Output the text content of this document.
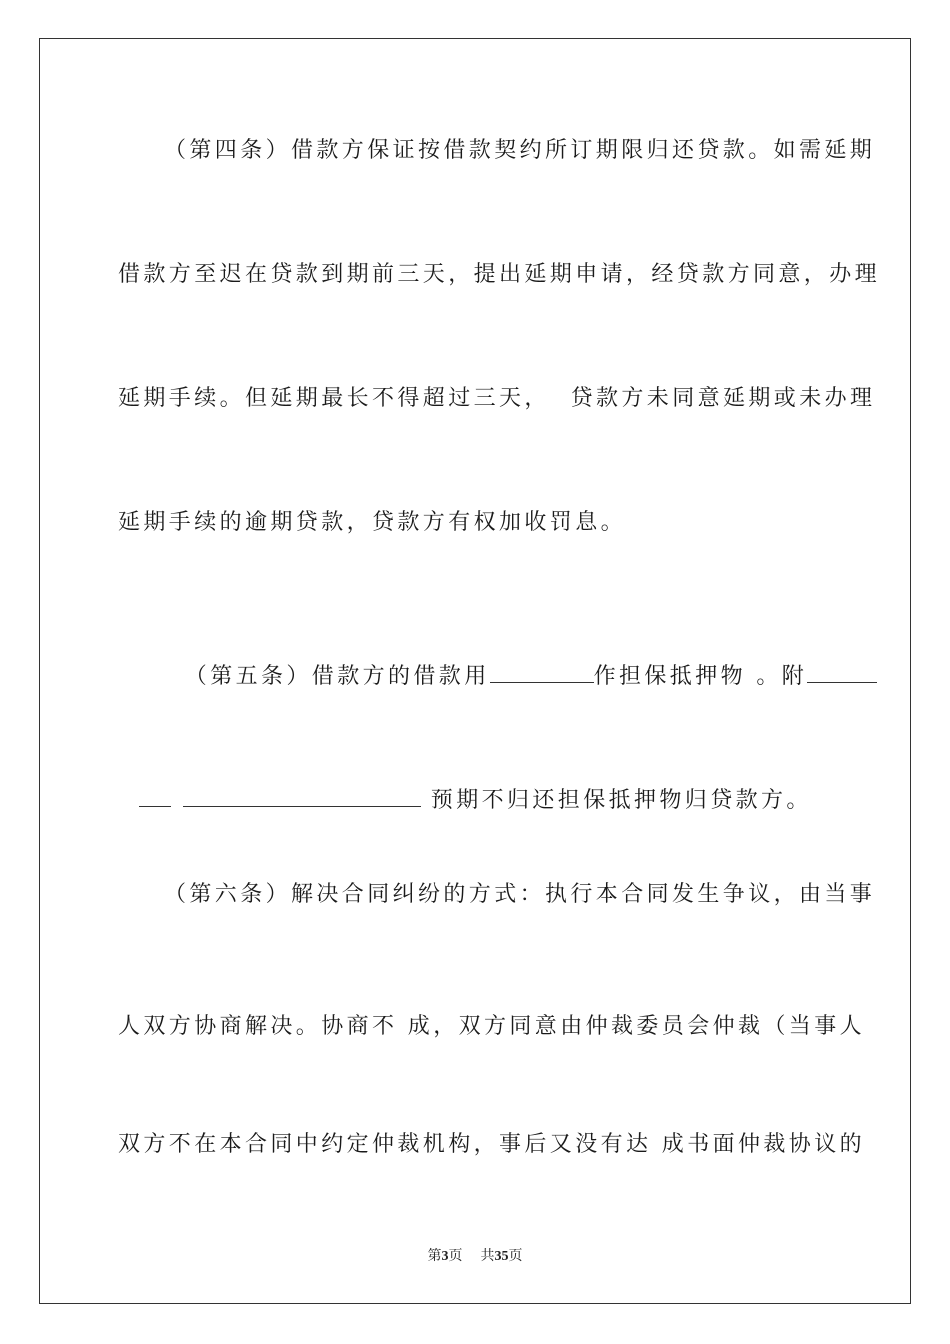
（第四条）借款方保证按借款契约所订期限归还贷款。如需延期
借款方至迟在贷款到期前三天，提出延期申请，经贷款方同意，办理
延期手续。但延期最长不得超过三天，  贷款方未同意延期或未办理
延期手续的逾期贷款，贷款方有权加收罚息。

（第五条）借款方的借款用	作担保抵押物 。附

预期不归还担保抵押物归贷款方。

（第六条）解决合同纠纷的方式：执行本合同发生争议，由当事
人双方协商解决。协商不 成，双方同意由仲裁委员会仲裁（当事人
双方不在本合同中约定仲裁机构，事后又没有达 成书面仲裁协议的
第3页 共35页
